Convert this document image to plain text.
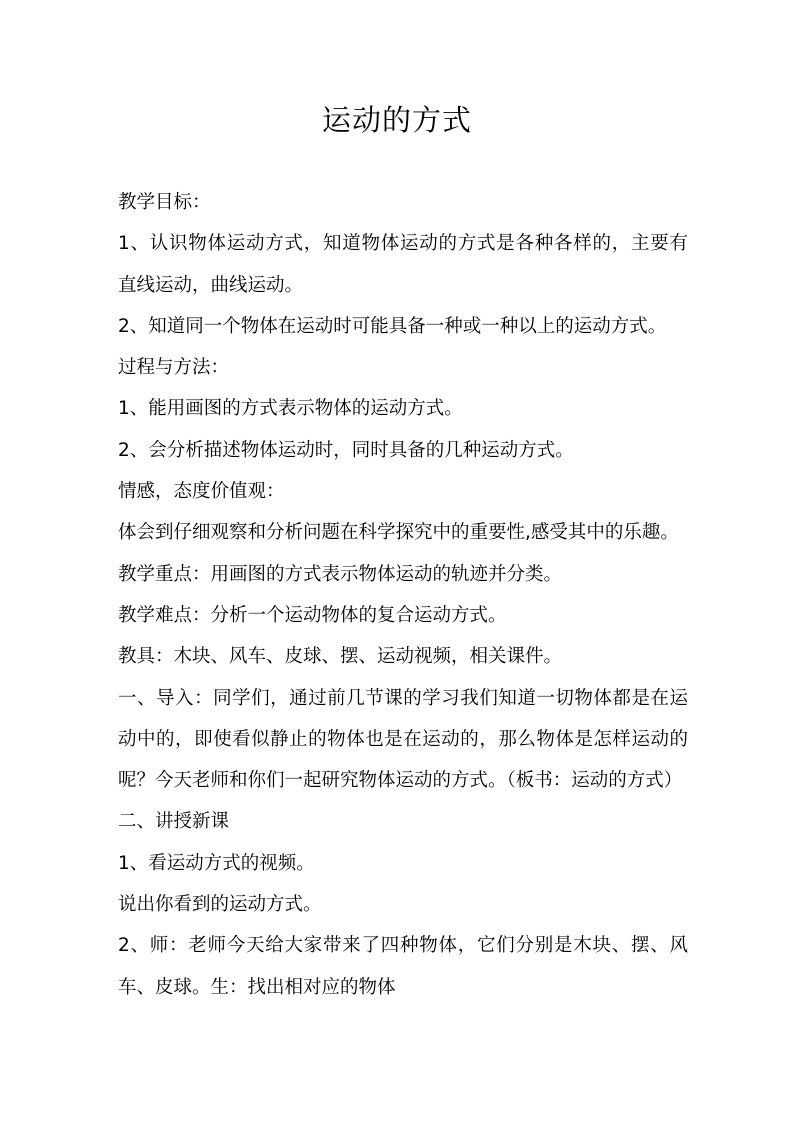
运动的方式

教学目标：

1、认识物体运动方式，知道物体运动的方式是各种各样的，主要有

直线运动，曲线运动。

2、知道同一个物体在运动时可能具备一种或一种以上的运动方式。

过程与方法：

1、能用画图的方式表示物体的运动方式。

2、会分析描述物体运动时，同时具备的几种运动方式。

情感，态度价值观：

体会到仔细观察和分析问题在科学探究中的重要性,感受其中的乐趣。

教学重点：用画图的方式表示物体运动的轨迹并分类。

教学难点：分析一个运动物体的复合运动方式。

教具：木块、风车、皮球、摆、运动视频，相关课件。

一、导入：同学们，通过前几节课的学习我们知道一切物体都是在运

动中的，即使看似静止的物体也是在运动的，那么物体是怎样运动的

呢？今天老师和你们一起研究物体运动的方式。（板书：运动的方式）

二、讲授新课

1、看运动方式的视频。

说出你看到的运动方式。

2、师：老师今天给大家带来了四种物体，它们分别是木块、摆、风

车、皮球。生：找出相对应的物体
